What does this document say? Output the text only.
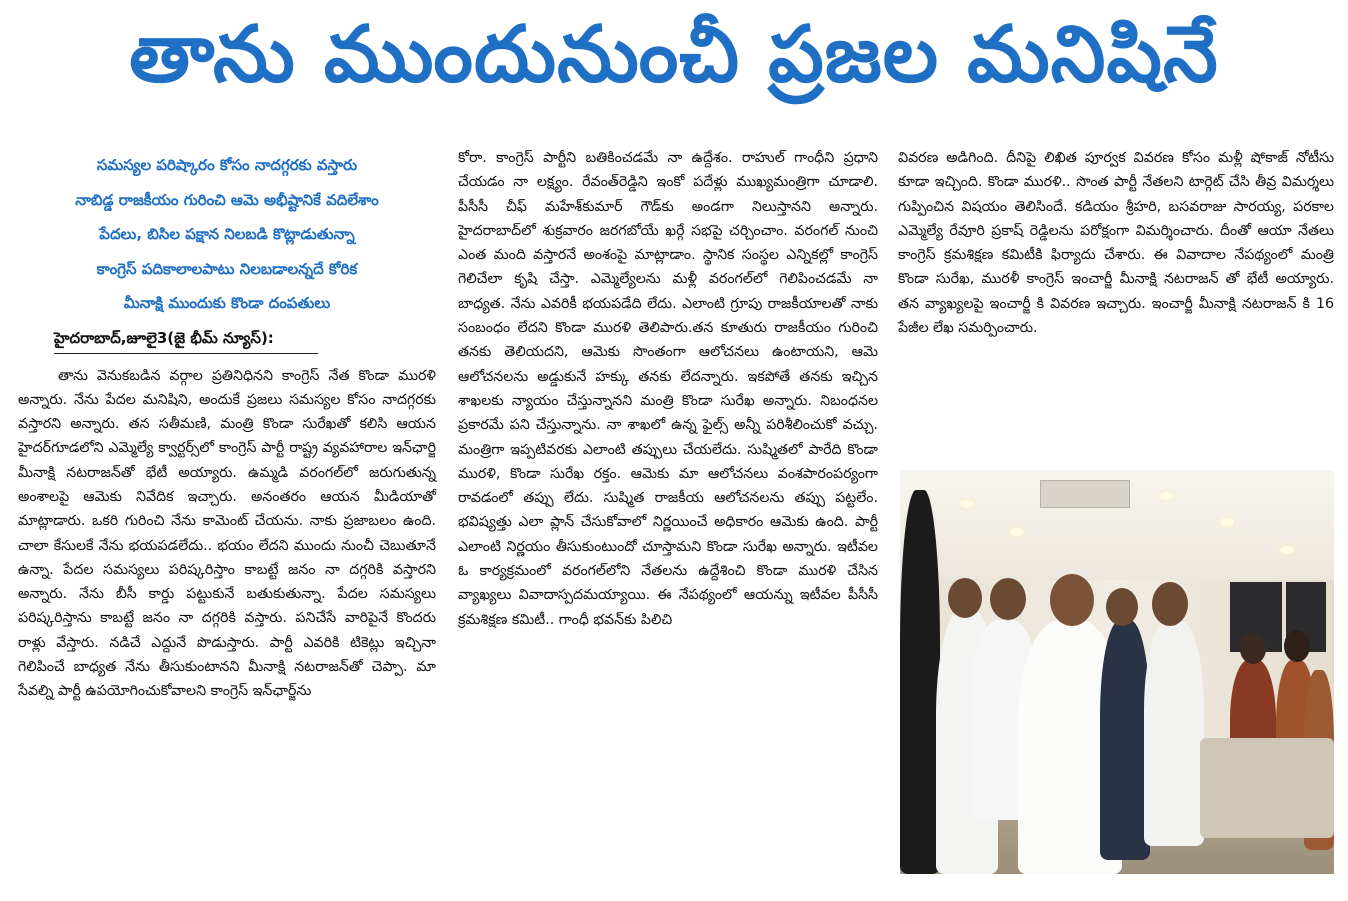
తాను ముందునుంచీ ప్రజల మనిషినే

సమస్యల పరిష్కారం కోసం నాదగ్గరకు వస్తారు

నాబిడ్డ రాజకీయం గురించి ఆమె అభీష్టానికే వదిలేశాం

పేదలు, బిసిల పక్షాన నిలబడి కొట్లాడుతున్నా

కాంగ్రెస్ పదికాలాలపాటు నిలబడాలన్నదే కోరిక

మీనాక్షి ముందుకు కొండా దంపతులు

హైదరాబాద్,జూలై3(జై భీమ్ న్యూస్):

తాను వెనుకబడిన వర్గాల ప్రతినిధినని కాంగ్రెస్ నేత కొండా మురళి అన్నారు. నేను పేదల మనిషిని, అందుకే ప్రజలు సమస్యల కోసం నాదగ్గరకు వస్తారని అన్నారు. తన సతీమణి, మంత్రి కొండా సురేఖతో కలిసి ఆయన హైదర్‌గూడలోని ఎమ్మెల్యే క్వార్టర్స్‌లో కాంగ్రెస్ పార్టీ రాష్ట్ర వ్యవహారాల ఇన్‌ఛార్జి మీనాక్షి నటరాజన్‌తో భేటీ అయ్యారు. ఉమ్మడి వరంగల్‌లో జరుగుతున్న అంశాలపై ఆమెకు నివేదిక ఇచ్చారు. అనంతరం ఆయన మీడియాతో మాట్లాడారు. ఒకరి గురించి నేను కామెంట్ చేయను. నాకు ప్రజాబలం ఉంది. చాలా కేసులకే నేను భయపడలేదు.. భయం లేదని ముందు నుంచీ చెబుతూనే ఉన్నా. పేదల సమస్యలు పరిష్కరిస్తాం కాబట్టే జనం నా దగ్గరికి వస్తారని అన్నారు. నేను బీసీ కార్డు పట్టుకునే బతుకుతున్నా. పేదల సమస్యలు పరిష్కరిస్తాను కాబట్టే జనం నా దగ్గరికి వస్తారు. పనిచేసే వారిపైనే కొందరు రాళ్లు వేస్తారు. నడిచే ఎద్దునే పొడుస్తారు. పార్టీ ఎవరికి టికెట్లు ఇచ్చినా గెలిపించే బాధ్యత నేను తీసుకుంటానని మీనాక్షి నటరాజన్‌తో చెప్పా. మా సేవల్ని పార్టీ ఉపయోగించుకోవాలని కాంగ్రెస్ ఇన్‌ఛార్జ్‌ను

కోరా. కాంగ్రెస్ పార్టీని బతికించడమే నా ఉద్దేశం. రాహుల్ గాంధీని ప్రధాని చేయడం నా లక్ష్యం. రేవంత్‌రెడ్డిని ఇంకో పదేళ్లు ముఖ్యమంత్రిగా చూడాలి. పీసీసీ చీఫ్ మహేశ్‌కుమార్ గౌడ్‌కు అండగా నిలుస్తానని అన్నారు. హైదరాబాద్‌లో శుక్రవారం జరగబోయే ఖర్గే సభపై చర్చించాం. వరంగల్ నుంచి ఎంత మంది వస్తారనే అంశంపై మాట్లాడాం. స్థానిక సంస్థల ఎన్నికల్లో కాంగ్రెస్ గెలిచేలా కృషి చేస్తా. ఎమ్మెల్యేలను మళ్లీ వరంగల్‌లో గెలిపించడమే నా బాధ్యత. నేను ఎవరికీ భయపడేది లేదు. ఎలాంటి గ్రూపు రాజకీయాలతో నాకు సంబంధం లేదని కొండా మురళి తెలిపారు.తన కూతురు రాజకీయం గురించి తనకు తెలియదని, ఆమెకు సొంతంగా ఆలోచనలు ఉంటాయని, ఆమె ఆలోచనలను అడ్డుకునే హక్కు తనకు లేదన్నారు. ఇకపోతే తనకు ఇచ్చిన శాఖలకు న్యాయం చేస్తున్నానని మంత్రి కొండా సురేఖ అన్నారు. నిబంధనల ప్రకారమే పని చేస్తున్నాను. నా శాఖలో ఉన్న ఫైల్స్ అన్నీ పరిశీలించుకో వచ్చు. మంత్రిగా ఇప్పటివరకు ఎలాంటి తప్పులు చేయలేదు. సుష్మితలో పారేది కొండా మురళి, కొండా సురేఖ రక్తం. ఆమెకు మా ఆలోచనలు వంశపారంపర్యంగా రావడంలో తప్పు లేదు. సుష్మిత రాజకీయ ఆలోచనలను తప్పు పట్టలేం. భవిష్యత్తు ఎలా ప్లాన్ చేసుకోవాలో నిర్ణయించే అధికారం ఆమెకు ఉంది. పార్టీ ఎలాంటి నిర్ణయం తీసుకుంటుందో చూస్తామని కొండా సురేఖ అన్నారు. ఇటీవల ఓ కార్యక్రమంలో వరంగల్‌లోని నేతలను ఉద్దేశించి కొండా మురళి చేసిన వ్యాఖ్యలు వివాదాస్పదమయ్యాయి. ఈ నేపథ్యంలో ఆయన్ను ఇటీవల పీసీసీ క్రమశిక్షణ కమిటీ.. గాంధీ భవన్‌కు పిలిచి

వివరణ అడిగింది. దీనిపై లిఖిత పూర్వక వివరణ కోసం మళ్లీ షోకాజ్ నోటీసు కూడా ఇచ్చింది. కొండా మురళి.. సొంత పార్టీ నేతలని టార్గెట్ చేసి తీవ్ర విమర్శలు గుప్పించిన విషయం తెలిసిందే. కడియం శ్రీహరి, బసవరాజు సారయ్య, పరకాల ఎమ్మెల్యే రేవూరి ప్రకాష్ రెడ్డిలను పరోక్షంగా విమర్శించారు. దీంతో ఆయా నేతలు కాంగ్రెస్ క్రమశిక్షణ కమిటీకి ఫిర్యాదు చేశారు. ఈ వివాదాల నేపథ్యంలో మంత్రి కొండా సురేఖ, మురళీ కాంగ్రెస్ ఇంచార్జీ మీనాక్షి నటరాజన్ తో భేటీ అయ్యారు. తన వ్యాఖ్యలపై ఇంచార్జీ కి వివరణ ఇచ్చారు. ఇంచార్జీ మీనాక్షి నటరాజన్ కి 16 పేజీల లేఖ సమర్పించారు.
